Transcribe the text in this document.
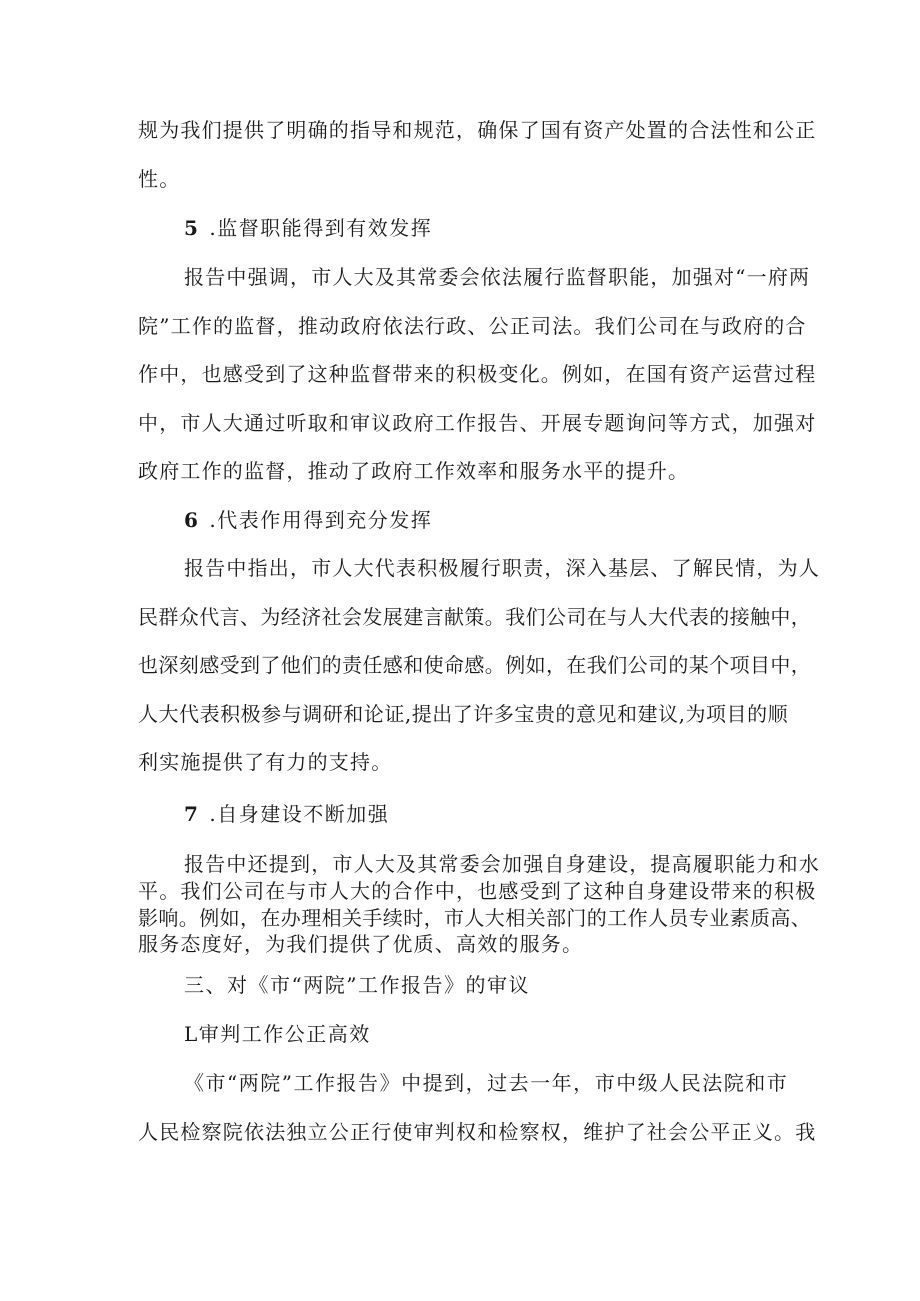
规为我们提供了明确的指导和规范，确保了国有资产处置的合法性和公正

性。

5 .监督职能得到有效发挥

报告中强调，市人大及其常委会依法履行监督职能，加强对“一府两

院”工作的监督，推动政府依法行政、公正司法。我们公司在与政府的合

作中，也感受到了这种监督带来的积极变化。例如，在国有资产运营过程

中，市人大通过听取和审议政府工作报告、开展专题询问等方式，加强对

政府工作的监督，推动了政府工作效率和服务水平的提升。

6 .代表作用得到充分发挥

报告中指出，市人大代表积极履行职责，深入基层、了解民情，为人

民群众代言、为经济社会发展建言献策。我们公司在与人大代表的接触中，

也深刻感受到了他们的责任感和使命感。例如，在我们公司的某个项目中，

人大代表积极参与调研和论证,提出了许多宝贵的意见和建议,为项目的顺

利实施提供了有力的支持。

7 .自身建设不断加强

报告中还提到，市人大及其常委会加强自身建设，提高履职能力和水

平。我们公司在与市人大的合作中，也感受到了这种自身建设带来的积极

影响。例如，在办理相关手续时，市人大相关部门的工作人员专业素质高、

服务态度好，为我们提供了优质、高效的服务。

三、对《市“两院”工作报告》的审议

L审判工作公正高效

《市“两院”工作报告》中提到，过去一年，市中级人民法院和市

人民检察院依法独立公正行使审判权和检察权，维护了社会公平正义。我
